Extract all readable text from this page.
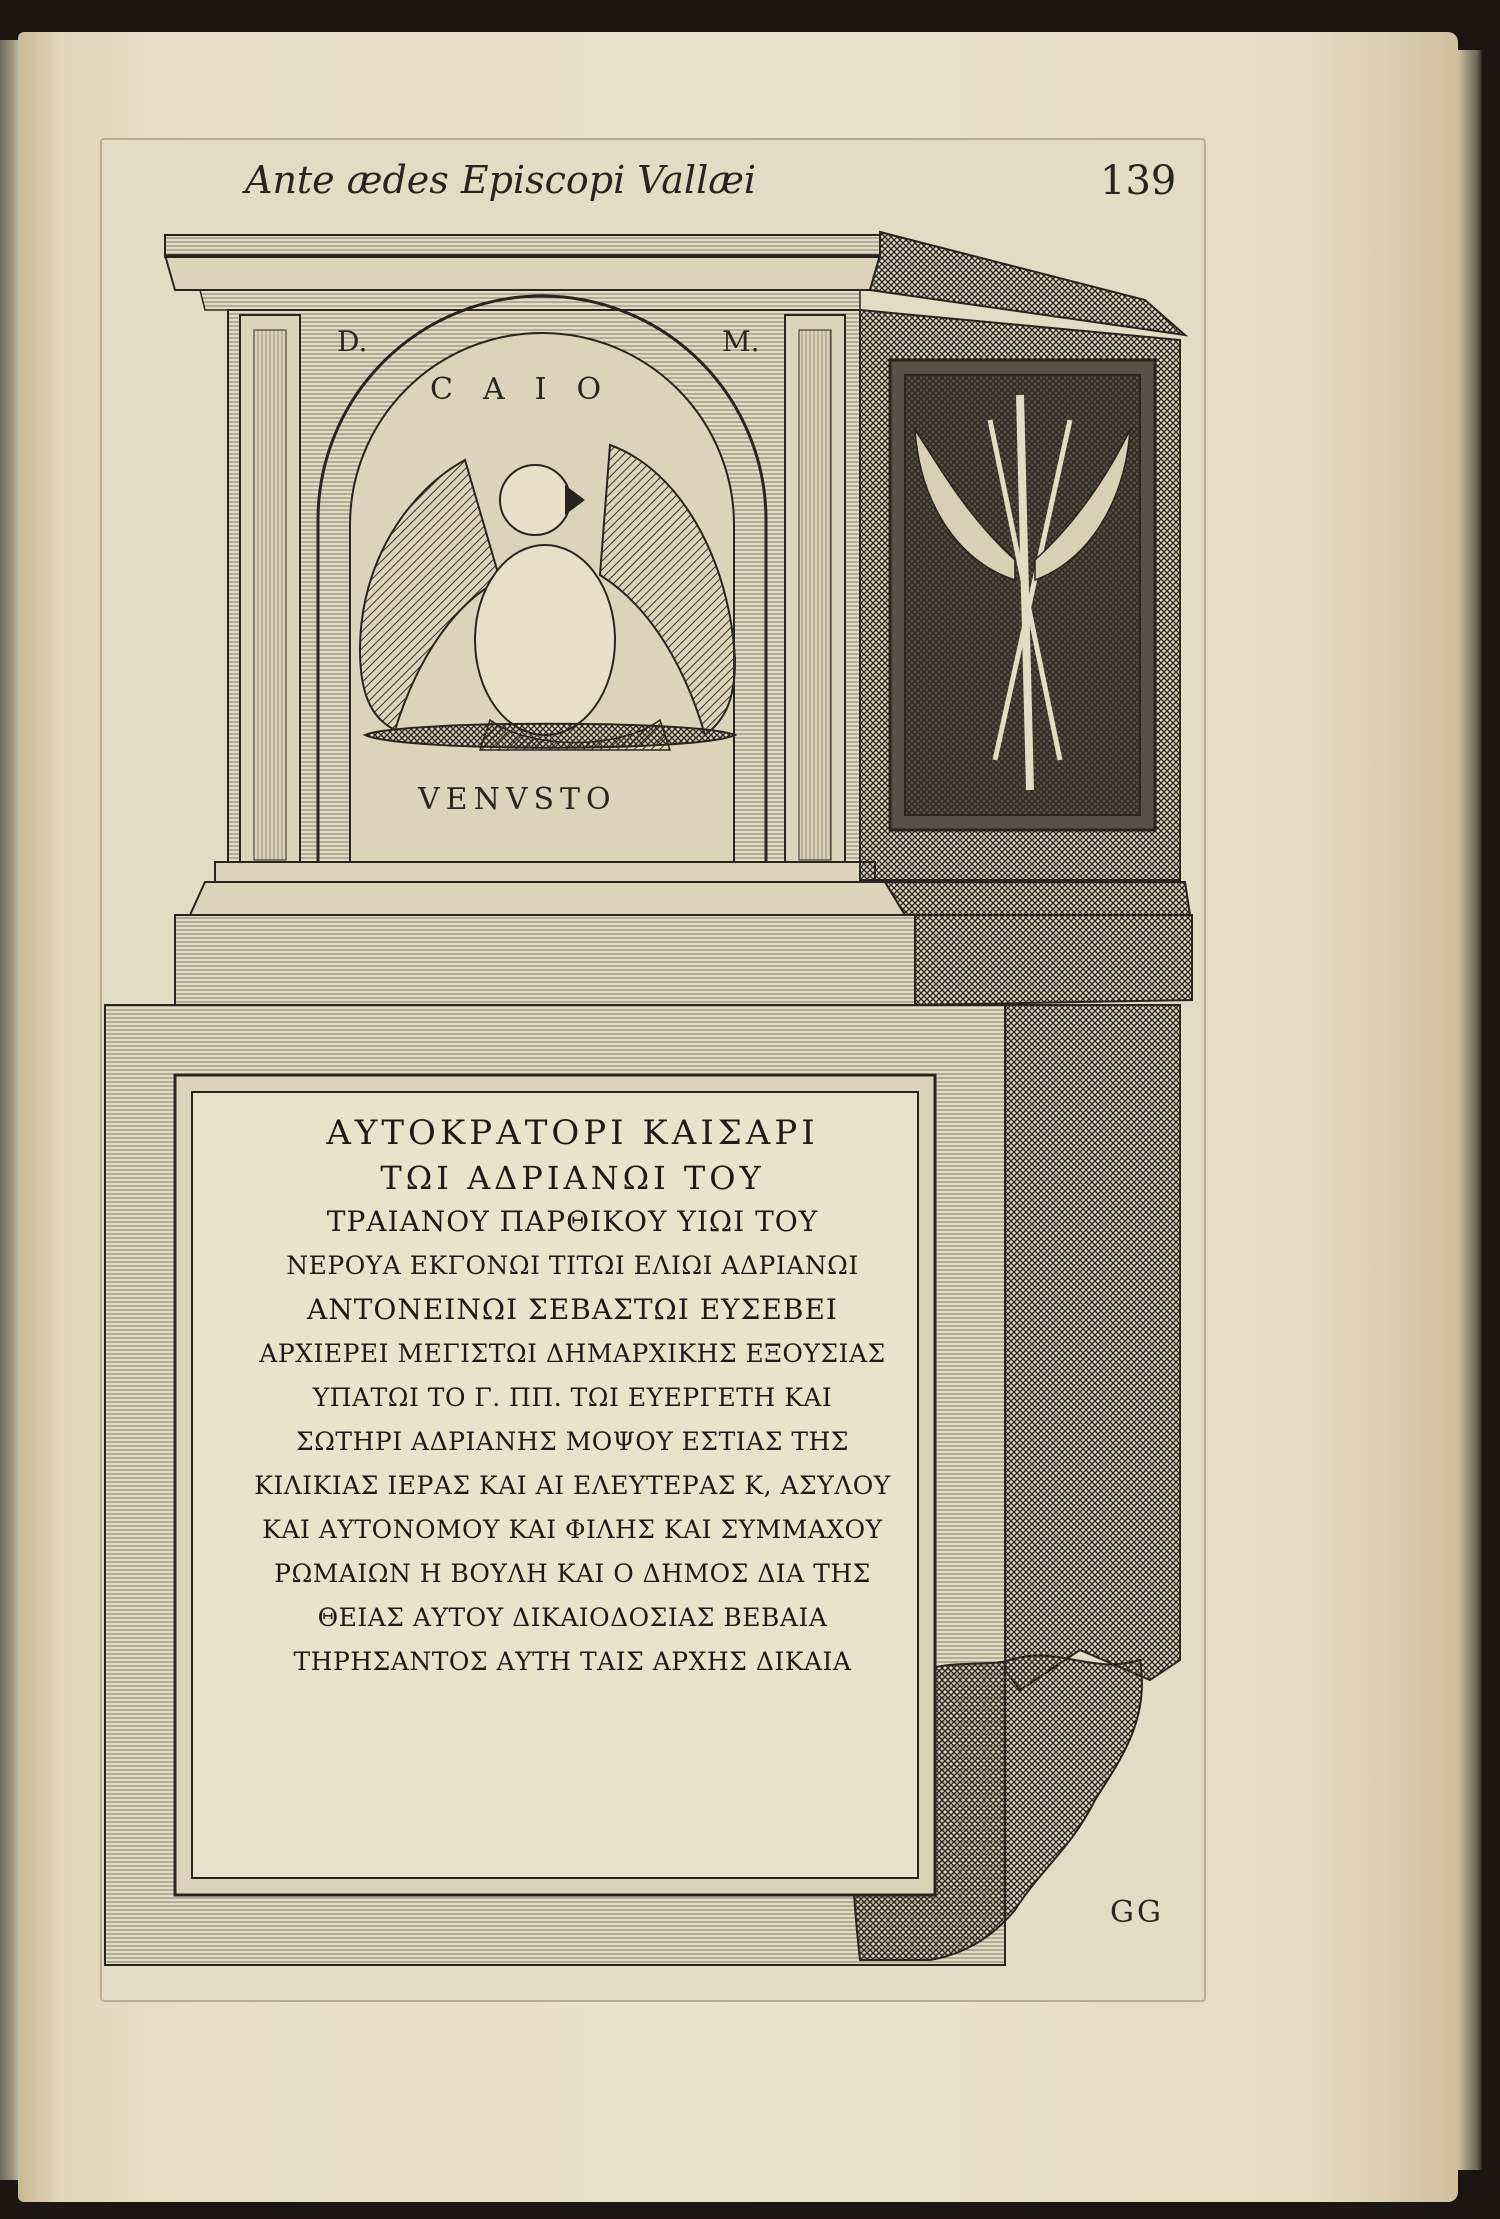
Ante ædes Episcopi Vallæi	139
D.	M.
CAIO
VENVSTO
ΑΥΤΟΚΡΑΤΟΡΙ ΚΑΙΣΑΡΙ
ΤΩΙ ΑΔΡΙΑΝΩΙ ΤΟΥ
ΤΡΑΙΑΝΟΥ ΠΑΡΘΙΚΟΥ ΥΙΩΙ ΤΟΥ
ΝΕΡΟΥΑ ΕΚΓΟΝΩΙ ΤΙΤΩΙ ΕΛΙΩΙ ΑΔΡΙΑΝΩΙ
ΑΝΤΟΝΕΙΝΩΙ ΣΕΒΑΣΤΩΙ ΕΥΣΕΒΕΙ
ΑΡΧΙΕΡΕΙ ΜΕΓΙΣΤΩΙ ΔΗΜΑΡΧΙΚΗΣ ΕΞΟΥΣΙΑΣ
ΥΠΑΤΩΙ ΤΟ Γ. ΠΠ. ΤΩΙ ΕΥΕΡΓΕΤΗ ΚΑΙ
ΣΩΤΗΡΙ ΑΔΡΙΑΝΗΣ ΜΟΨΟΥ ΕΣΤΙΑΣ ΤΗΣ
ΚΙΛΙΚΙΑΣ ΙΕΡΑΣ ΚΑΙ ΑΙ ΕΛΕΥΤΕΡΑΣ Κ, ΑΣΥΛΟΥ
ΚΑΙ ΑΥΤΟΝΟΜΟΥ ΚΑΙ ΦΙΛΗΣ ΚΑΙ ΣΥΜΜΑΧΟΥ
ΡΩΜΑΙΩΝ Η ΒΟΥΛΗ ΚΑΙ Ο ΔΗΜΟΣ ΔΙΑ ΤΗΣ
ΘΕΙΑΣ ΑΥΤΟΥ ΔΙΚΑΙΟΔΟΣΙΑΣ ΒΕΒΑΙΑ
ΤΗΡΗΣΑΝΤΟΣ ΑΥΤΗ ΤΑΙΣ ΑΡΧΗΣ ΔΙΚΑΙΑ
GG
